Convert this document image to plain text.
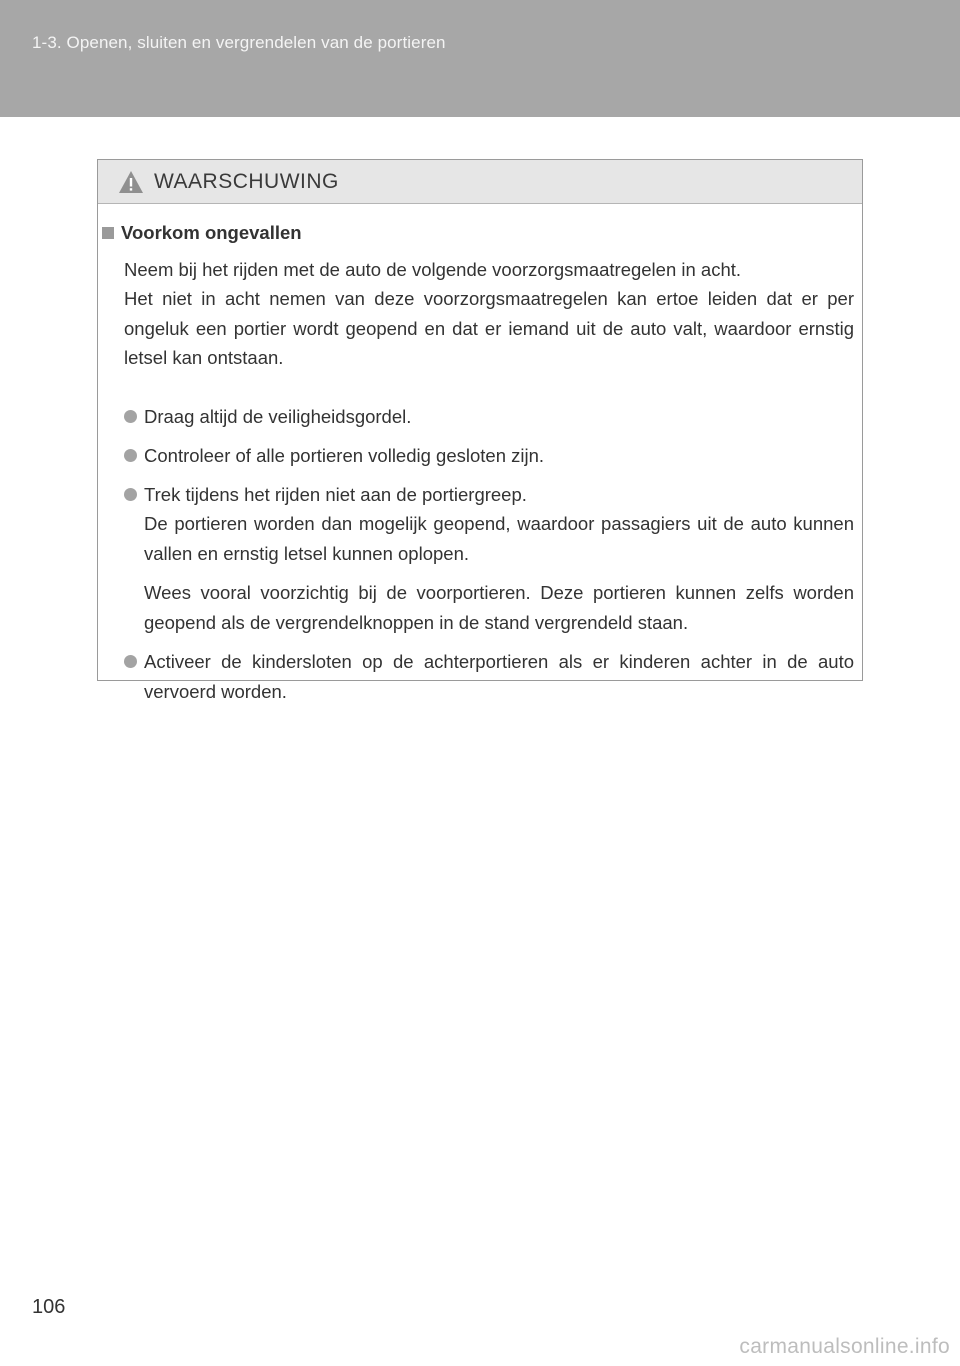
1-3. Openen, sluiten en vergrendelen van de portieren
WAARSCHUWING
Voorkom ongevallen
Neem bij het rijden met de auto de volgende voorzorgsmaatregelen in acht.
Het niet in acht nemen van deze voorzorgsmaatregelen kan ertoe leiden dat er per ongeluk een portier wordt geopend en dat er iemand uit de auto valt, waardoor ernstig letsel kan ontstaan.
Draag altijd de veiligheidsgordel.
Controleer of alle portieren volledig gesloten zijn.
Trek tijdens het rijden niet aan de portiergreep.
De portieren worden dan mogelijk geopend, waardoor passagiers uit de auto kunnen vallen en ernstig letsel kunnen oplopen.
Wees vooral voorzichtig bij de voorportieren. Deze portieren kunnen zelfs worden geopend als de vergrendelknoppen in de stand vergrendeld staan.
Activeer de kindersloten op de achterportieren als er kinderen achter in de auto vervoerd worden.
106
carmanualsonline.info
